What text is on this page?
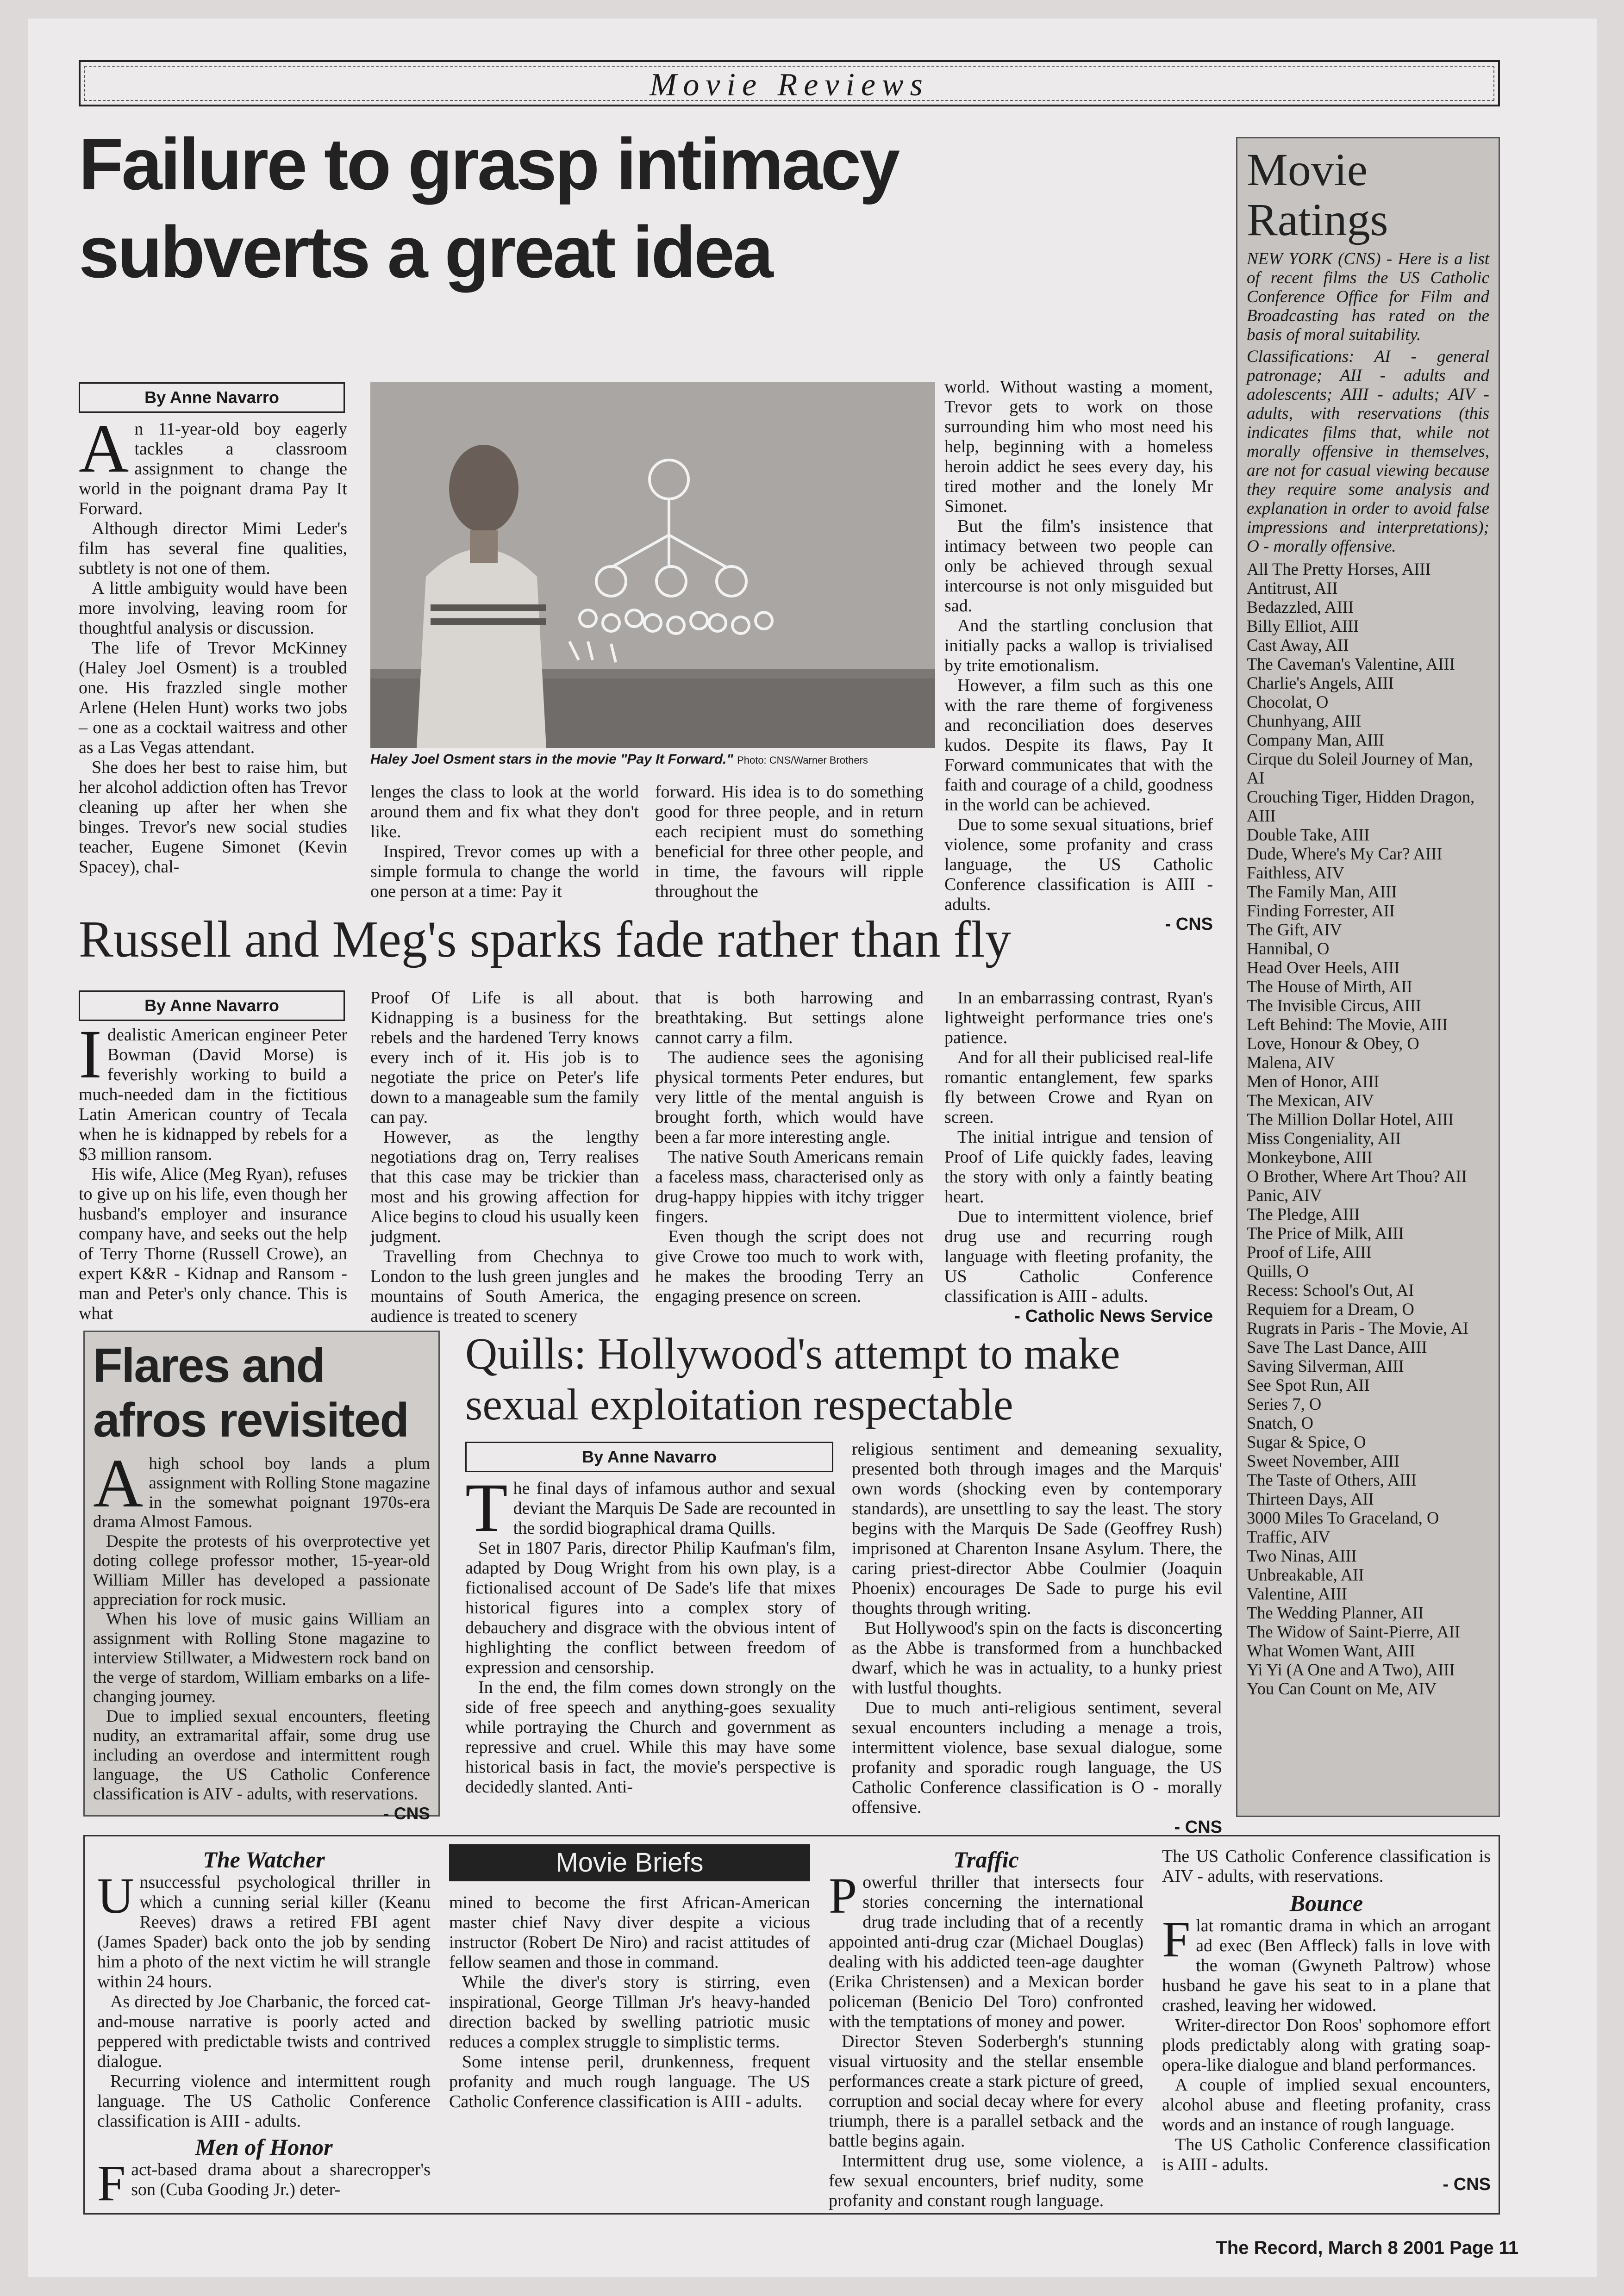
Movie Reviews
Failure to grasp intimacy
subverts a great idea
By Anne Navarro

An 11-year-old boy eagerly tackles a classroom assignment to change the world in the poignant drama Pay It Forward.

Although director Mimi Leder's film has several fine qualities, subtlety is not one of them.

A little ambiguity would have been more involving, leaving room for thoughtful analysis or discussion.

The life of Trevor McKinney (Haley Joel Osment) is a troubled one. His frazzled single mother Arlene (Helen Hunt) works two jobs – one as a cocktail waitress and other as a Las Vegas attendant.

She does her best to raise him, but her alcohol addiction often has Trevor cleaning up after her when she binges. Trevor's new social studies teacher, Eugene Simonet (Kevin Spacey), chal-

Haley Joel Osment stars in the movie "Pay It Forward." Photo: CNS/Warner Brothers

lenges the class to look at the world around them and fix what they don't like.

Inspired, Trevor comes up with a simple formula to change the world one person at a time: Pay it

forward. His idea is to do something good for three people, and in return each recipient must do something beneficial for three other people, and in time, the favours will ripple throughout the

world. Without wasting a moment, Trevor gets to work on those surrounding him who most need his help, beginning with a homeless heroin addict he sees every day, his tired mother and the lonely Mr Simonet.

But the film's insistence that intimacy between two people can only be achieved through sexual intercourse is not only misguided but sad.

And the startling conclusion that initially packs a wallop is trivialised by trite emotionalism.

However, a film such as this one with the rare theme of forgiveness and reconciliation does deserves kudos. Despite its flaws, Pay It Forward communicates that with the faith and courage of a child, goodness in the world can be achieved.

Due to some sexual situations, brief violence, some profanity and crass language, the US Catholic Conference classification is AIII - adults.

- CNS
Russell and Meg's sparks fade rather than fly
By Anne Navarro

Idealistic American engineer Peter Bowman (David Morse) is feverishly working to build a much-needed dam in the fictitious Latin American country of Tecala when he is kidnapped by rebels for a $3 million ransom.

His wife, Alice (Meg Ryan), refuses to give up on his life, even though her husband's employer and insurance company have, and seeks out the help of Terry Thorne (Russell Crowe), an expert K&R - Kidnap and Ransom - man and Peter's only chance. This is what

Proof Of Life is all about. Kidnapping is a business for the rebels and the hardened Terry knows every inch of it. His job is to negotiate the price on Peter's life down to a manageable sum the family can pay.

However, as the lengthy negotiations drag on, Terry realises that this case may be trickier than most and his growing affection for Alice begins to cloud his usually keen judgment.

Travelling from Chechnya to London to the lush green jungles and mountains of South America, the audience is treated to scenery

that is both harrowing and breathtaking. But settings alone cannot carry a film.

The audience sees the agonising physical torments Peter endures, but very little of the mental anguish is brought forth, which would have been a far more interesting angle.

The native South Americans remain a faceless mass, characterised only as drug-happy hippies with itchy trigger fingers.

Even though the script does not give Crowe too much to work with, he makes the brooding Terry an engaging presence on screen.

In an embarrassing contrast, Ryan's lightweight performance tries one's patience.

And for all their publicised real-life romantic entanglement, few sparks fly between Crowe and Ryan on screen.

The initial intrigue and tension of Proof of Life quickly fades, leaving the story with only a faintly beating heart.

Due to intermittent violence, brief drug use and recurring rough language with fleeting profanity, the US Catholic Conference classification is AIII - adults.

- Catholic News Service
Flares and
afros revisited

Ahigh school boy lands a plum assignment with Rolling Stone magazine in the somewhat poignant 1970s-era drama Almost Famous.

Despite the protests of his overprotective yet doting college professor mother, 15-year-old William Miller has developed a passionate appreciation for rock music.

When his love of music gains William an assignment with Rolling Stone magazine to interview Stillwater, a Midwestern rock band on the verge of stardom, William embarks on a life-changing journey.

Due to implied sexual encounters, fleeting nudity, an extramarital affair, some drug use including an overdose and intermittent rough language, the US Catholic Conference classification is AIV - adults, with reservations.

- CNS
Quills: Hollywood's attempt to make
sexual exploitation respectable
By Anne Navarro

The final days of infamous author and sexual deviant the Marquis De Sade are recounted in the sordid biographical drama Quills.

Set in 1807 Paris, director Philip Kaufman's film, adapted by Doug Wright from his own play, is a fictionalised account of De Sade's life that mixes historical figures into a complex story of debauchery and disgrace with the obvious intent of highlighting the conflict between freedom of expression and censorship.

In the end, the film comes down strongly on the side of free speech and anything-goes sexuality while portraying the Church and government as repressive and cruel. While this may have some historical basis in fact, the movie's perspective is decidedly slanted. Anti-

religious sentiment and demeaning sexuality, presented both through images and the Marquis' own words (shocking even by contemporary standards), are unsettling to say the least. The story begins with the Marquis De Sade (Geoffrey Rush) imprisoned at Charenton Insane Asylum. There, the caring priest-director Abbe Coulmier (Joaquin Phoenix) encourages De Sade to purge his evil thoughts through writing.

But Hollywood's spin on the facts is disconcerting as the Abbe is transformed from a hunchbacked dwarf, which he was in actuality, to a hunky priest with lustful thoughts.

Due to much anti-religious sentiment, several sexual encounters including a menage a trois, intermittent violence, base sexual dialogue, some profanity and sporadic rough language, the US Catholic Conference classification is O - morally offensive.

- CNS
Movie
Ratings
NEW YORK (CNS) - Here is a list of recent films the US Catholic Conference Office for Film and Broadcasting has rated on the basis of moral suitability.
Classifications: AI - general patronage; AII - adults and adolescents; AIII - adults; AIV - adults, with reservations (this indicates films that, while not morally offensive in themselves, are not for casual viewing because they require some analysis and explanation in order to avoid false impressions and interpretations); O - morally offensive.
All The Pretty Horses, AIII
Antitrust, AII
Bedazzled, AIII
Billy Elliot, AIII
Cast Away, AII
The Caveman's Valentine, AIII
Charlie's Angels, AIII
Chocolat, O
Chunhyang, AIII
Company Man, AIII
Cirque du Soleil Journey of Man, AI
Crouching Tiger, Hidden Dragon, AIII
Double Take, AIII
Dude, Where's My Car? AIII
Faithless, AIV
The Family Man, AIII
Finding Forrester, AII
The Gift, AIV
Hannibal, O
Head Over Heels, AIII
The House of Mirth, AII
The Invisible Circus, AIII
Left Behind: The Movie, AIII
Love, Honour & Obey, O
Malena, AIV
Men of Honor, AIII
The Mexican, AIV
The Million Dollar Hotel, AIII
Miss Congeniality, AII
Monkeybone, AIII
O Brother, Where Art Thou? AII
Panic, AIV
The Pledge, AIII
The Price of Milk, AIII
Proof of Life, AIII
Quills, O
Recess: School's Out, AI
Requiem for a Dream, O
Rugrats in Paris - The Movie, AI
Save The Last Dance, AIII
Saving Silverman, AIII
See Spot Run, AII
Series 7, O
Snatch, O
Sugar & Spice, O
Sweet November, AIII
The Taste of Others, AIII
Thirteen Days, AII
3000 Miles To Graceland, O
Traffic, AIV
Two Ninas, AIII
Unbreakable, AII
Valentine, AIII
The Wedding Planner, AII
The Widow of Saint-Pierre, AII
What Women Want, AIII
Yi Yi (A One and A Two), AIII
You Can Count on Me, AIV
Movie Briefs
The Watcher

Unsuccessful psychological thriller in which a cunning serial killer (Keanu Reeves) draws a retired FBI agent (James Spader) back onto the job by sending him a photo of the next victim he will strangle within 24 hours.

As directed by Joe Charbanic, the forced cat-and-mouse narrative is poorly acted and peppered with predictable twists and contrived dialogue.

Recurring violence and intermittent rough language. The US Catholic Conference classification is AIII - adults.

Men of Honor

Fact-based drama about a sharecropper's son (Cuba Gooding Jr.) deter-

mined to become the first African-American master chief Navy diver despite a vicious instructor (Robert De Niro) and racist attitudes of fellow seamen and those in command.

While the diver's story is stirring, even inspirational, George Tillman Jr's heavy-handed direction backed by swelling patriotic music reduces a complex struggle to simplistic terms.

Some intense peril, drunkenness, frequent profanity and much rough language. The US Catholic Conference classification is AIII - adults.

Traffic

Powerful thriller that intersects four stories concerning the international drug trade including that of a recently appointed anti-drug czar (Michael Douglas) dealing with his addicted teen-age daughter (Erika Christensen) and a Mexican border policeman (Benicio Del Toro) confronted with the temptations of money and power.

Director Steven Soderbergh's stunning visual virtuosity and the stellar ensemble performances create a stark picture of greed, corruption and social decay where for every triumph, there is a parallel setback and the battle begins again.

Intermittent drug use, some violence, a few sexual encounters, brief nudity, some profanity and constant rough language.

The US Catholic Conference classification is AIV - adults, with reservations.

Bounce

Flat romantic drama in which an arrogant ad exec (Ben Affleck) falls in love with the woman (Gwyneth Paltrow) whose husband he gave his seat to in a plane that crashed, leaving her widowed.

Writer-director Don Roos' sophomore effort plods predictably along with grating soap-opera-like dialogue and bland performances.

A couple of implied sexual encounters, alcohol abuse and fleeting profanity, crass words and an instance of rough language.

The US Catholic Conference classification is AIII - adults.

- CNS
The Record, March 8 2001 Page 11
